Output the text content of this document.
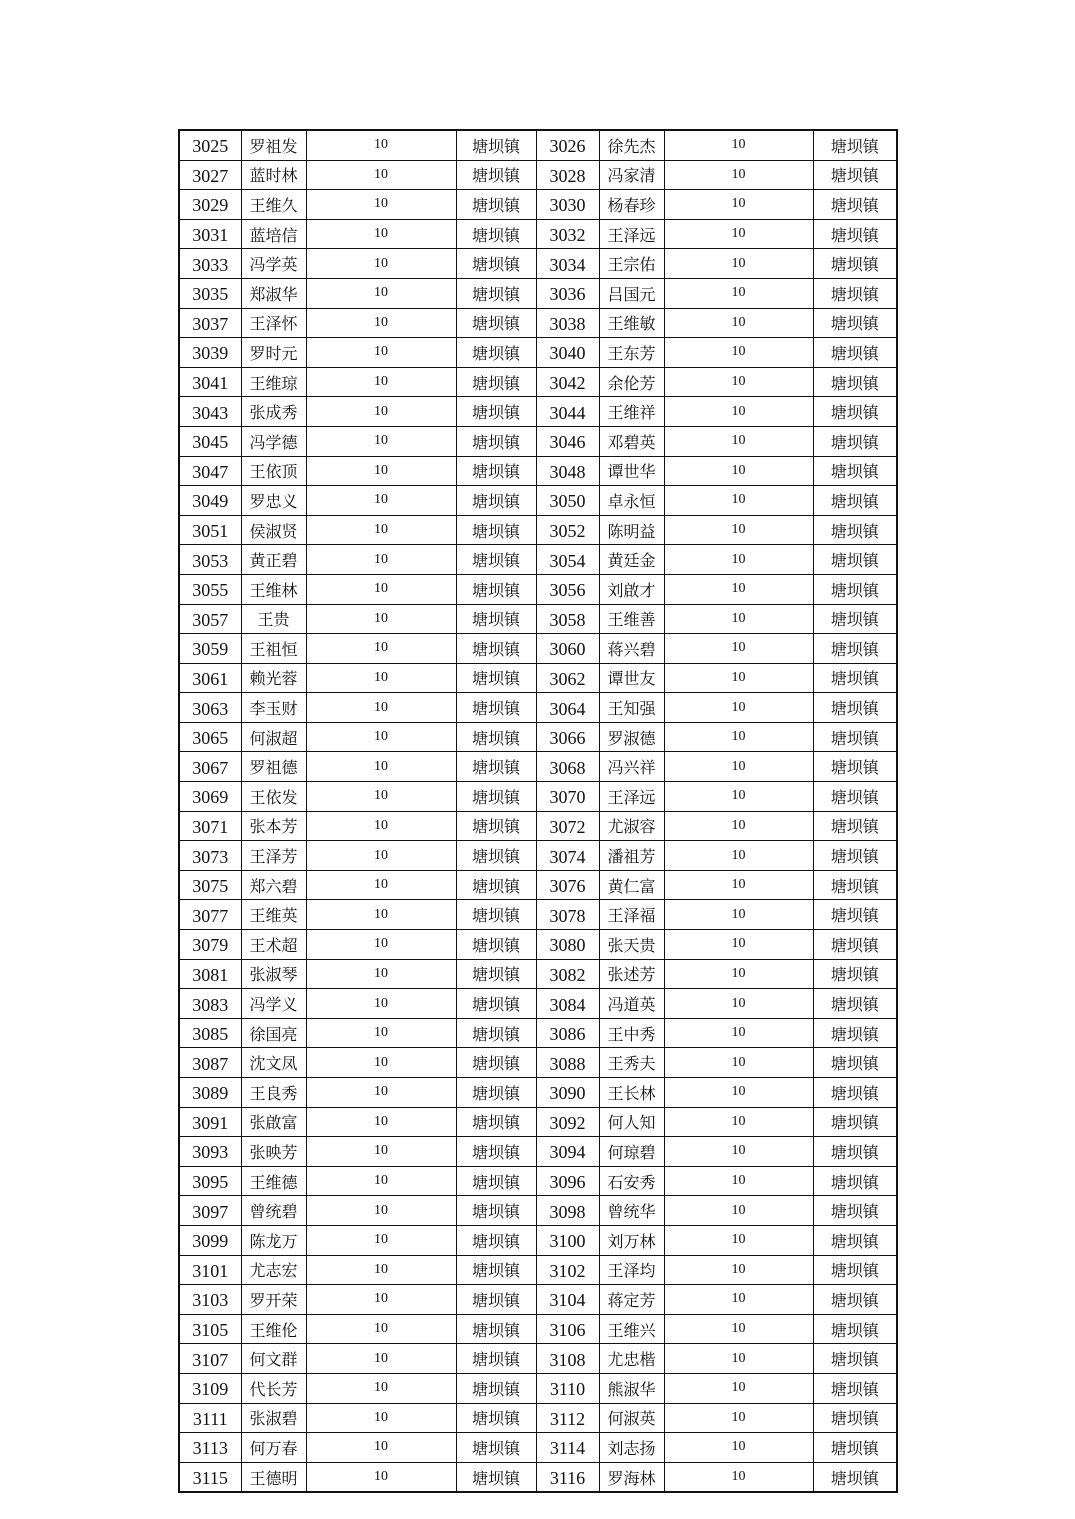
3025	罗祖发	10	塘坝镇	3026	徐先杰	10	塘坝镇
3027	蓝时林	10	塘坝镇	3028	冯家清	10	塘坝镇
3029	王维久	10	塘坝镇	3030	杨春珍	10	塘坝镇
3031	蓝培信	10	塘坝镇	3032	王泽远	10	塘坝镇
3033	冯学英	10	塘坝镇	3034	王宗佑	10	塘坝镇
3035	郑淑华	10	塘坝镇	3036	吕国元	10	塘坝镇
3037	王泽怀	10	塘坝镇	3038	王维敏	10	塘坝镇
3039	罗时元	10	塘坝镇	3040	王东芳	10	塘坝镇
3041	王维琼	10	塘坝镇	3042	余伦芳	10	塘坝镇
3043	张成秀	10	塘坝镇	3044	王维祥	10	塘坝镇
3045	冯学德	10	塘坝镇	3046	邓碧英	10	塘坝镇
3047	王依顶	10	塘坝镇	3048	谭世华	10	塘坝镇
3049	罗忠义	10	塘坝镇	3050	卓永恒	10	塘坝镇
3051	侯淑贤	10	塘坝镇	3052	陈明益	10	塘坝镇
3053	黄正碧	10	塘坝镇	3054	黄廷金	10	塘坝镇
3055	王维林	10	塘坝镇	3056	刘啟才	10	塘坝镇
3057	王贵	10	塘坝镇	3058	王维善	10	塘坝镇
3059	王祖恒	10	塘坝镇	3060	蒋兴碧	10	塘坝镇
3061	赖光蓉	10	塘坝镇	3062	谭世友	10	塘坝镇
3063	李玉财	10	塘坝镇	3064	王知强	10	塘坝镇
3065	何淑超	10	塘坝镇	3066	罗淑德	10	塘坝镇
3067	罗祖德	10	塘坝镇	3068	冯兴祥	10	塘坝镇
3069	王依发	10	塘坝镇	3070	王泽远	10	塘坝镇
3071	张本芳	10	塘坝镇	3072	尤淑容	10	塘坝镇
3073	王泽芳	10	塘坝镇	3074	潘祖芳	10	塘坝镇
3075	郑六碧	10	塘坝镇	3076	黄仁富	10	塘坝镇
3077	王维英	10	塘坝镇	3078	王泽福	10	塘坝镇
3079	王术超	10	塘坝镇	3080	张天贵	10	塘坝镇
3081	张淑琴	10	塘坝镇	3082	张述芳	10	塘坝镇
3083	冯学义	10	塘坝镇	3084	冯道英	10	塘坝镇
3085	徐国亮	10	塘坝镇	3086	王中秀	10	塘坝镇
3087	沈文凤	10	塘坝镇	3088	王秀夫	10	塘坝镇
3089	王良秀	10	塘坝镇	3090	王长林	10	塘坝镇
3091	张啟富	10	塘坝镇	3092	何人知	10	塘坝镇
3093	张映芳	10	塘坝镇	3094	何琼碧	10	塘坝镇
3095	王维德	10	塘坝镇	3096	石安秀	10	塘坝镇
3097	曾统碧	10	塘坝镇	3098	曾统华	10	塘坝镇
3099	陈龙万	10	塘坝镇	3100	刘万林	10	塘坝镇
3101	尤志宏	10	塘坝镇	3102	王泽均	10	塘坝镇
3103	罗开荣	10	塘坝镇	3104	蒋定芳	10	塘坝镇
3105	王维伦	10	塘坝镇	3106	王维兴	10	塘坝镇
3107	何文群	10	塘坝镇	3108	尤忠楷	10	塘坝镇
3109	代长芳	10	塘坝镇	3110	熊淑华	10	塘坝镇
3111	张淑碧	10	塘坝镇	3112	何淑英	10	塘坝镇
3113	何万春	10	塘坝镇	3114	刘志扬	10	塘坝镇
3115	王德明	10	塘坝镇	3116	罗海林	10	塘坝镇
